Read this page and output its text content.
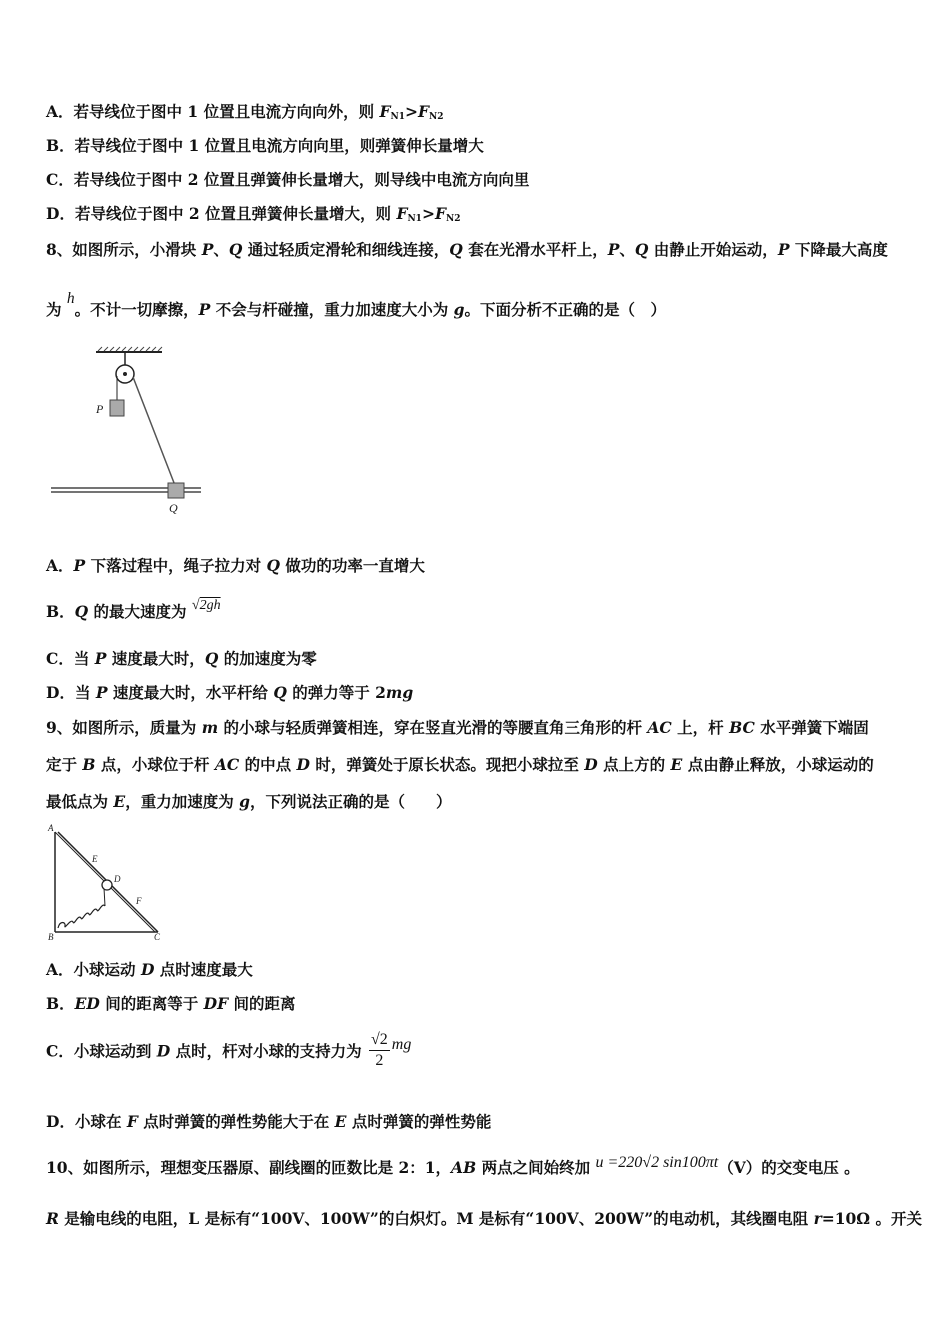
A．若导线位于图中 1 位置且电流方向向外，则 $F_{N1}>F_{N2}$
B．若导线位于图中 1 位置且电流方向向里，则弹簧伸长量增大
C．若导线位于图中 2 位置且弹簧伸长量增大，则导线中电流方向向里
D．若导线位于图中 2 位置且弹簧伸长量增大，则 $F_{N1}>F_{N2}$
8、如图所示，小滑块 P、Q 通过轻质定滑轮和细线连接，Q 套在光滑水平杆上，P、Q 由静止开始运动，P 下降最大高度
为 h。不计一切摩擦，P 不会与杆碰撞，重力加速度大小为 g。下面分析不正确的是（　）
P
Q
A．P 下落过程中，绳子拉力对 Q 做功的功率一直增大
B．Q 的最大速度为 √2gh
C．当 P 速度最大时，Q 的加速度为零
D．当 P 速度最大时，水平杆给 Q 的弹力等于 2mg
9、如图所示，质量为 m 的小球与轻质弹簧相连，穿在竖直光滑的等腰直角三角形的杆 AC 上，杆 BC 水平弹簧下端固
定于 B 点，小球位于杆 AC 的中点 D 时，弹簧处于原长状态。现把小球拉至 D 点上方的 E 点由静止释放，小球运动的
最低点为 E，重力加速度为 g，下列说法正确的是（　　）
A
B	C
D
E
F
A．小球运动 D 点时速度最大
B．ED 间的距离等于 DF 间的距离
C．小球运动到 D 点时，杆对小球的支持力为 $\frac{√2}{2}$ mg
D．小球在 F 点时弹簧的弹性势能大于在 E 点时弹簧的弹性势能
10、如图所示，理想变压器原、副线圈的匝数比是 2：1，AB 两点之间始终加 u =220√2 sin100πt（V）的交变电压 。
R 是输电线的电阻，L 是标有“100V、100W”的白炽灯。M 是标有“100V、200W”的电动机，其线圈电阻 r=10Ω 。开关
